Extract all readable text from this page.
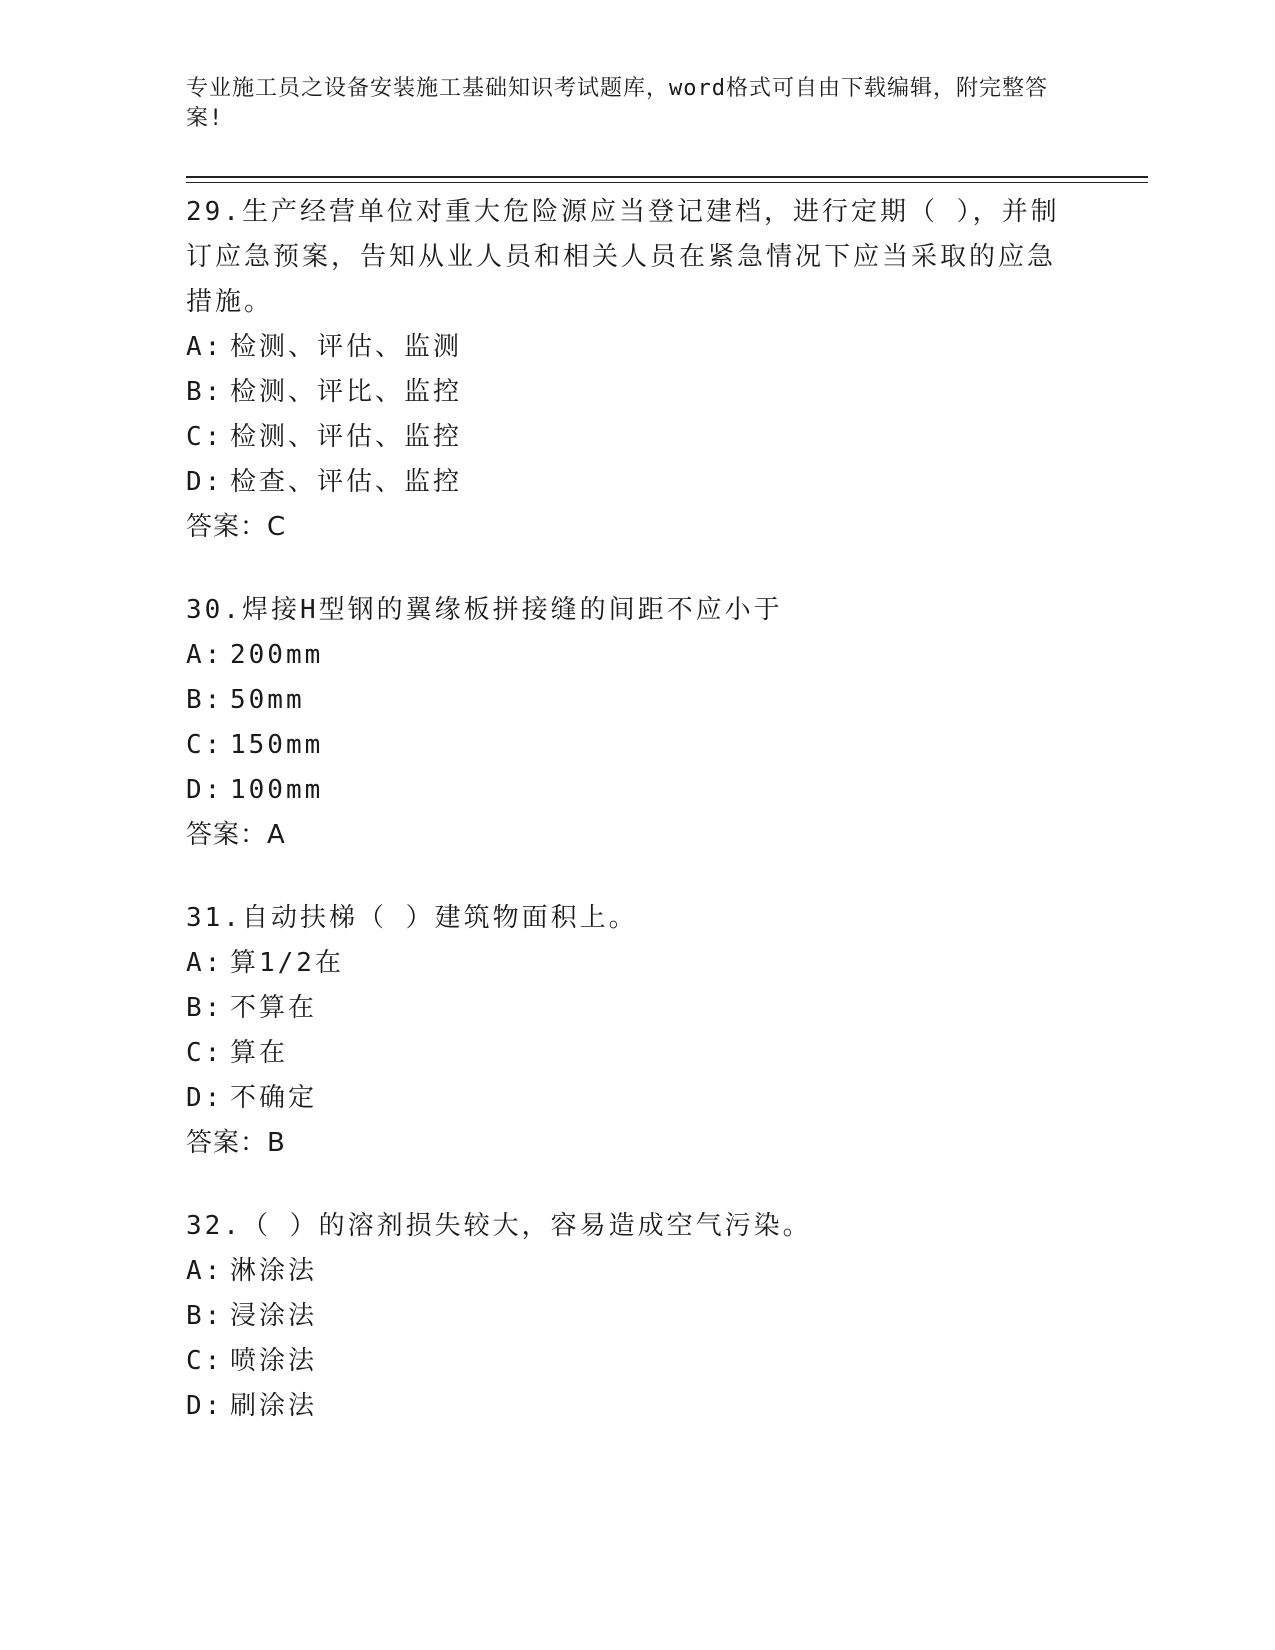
专业施工员之设备安装施工基础知识考试题库，word格式可自由下载编辑，附完整答案!

29.生产经营单位对重大危险源应当登记建档，进行定期（ ），并制订应急预案，告知从业人员和相关人员在紧急情况下应当采取的应急措施。

A: 检测、评估、监测

B: 检测、评比、监控

C: 检测、评估、监控

D: 检查、评估、监控

答案：C

30.焊接H型钢的翼缘板拼接缝的间距不应小于

A: 200mm

B: 50mm

C: 150mm

D: 100mm

答案：A

31.自动扶梯（ ）建筑物面积上。

A: 算1/2在

B: 不算在

C: 算在

D: 不确定

答案：B

32.（ ）的溶剂损失较大，容易造成空气污染。

A: 淋涂法

B: 浸涂法

C: 喷涂法

D: 刷涂法
